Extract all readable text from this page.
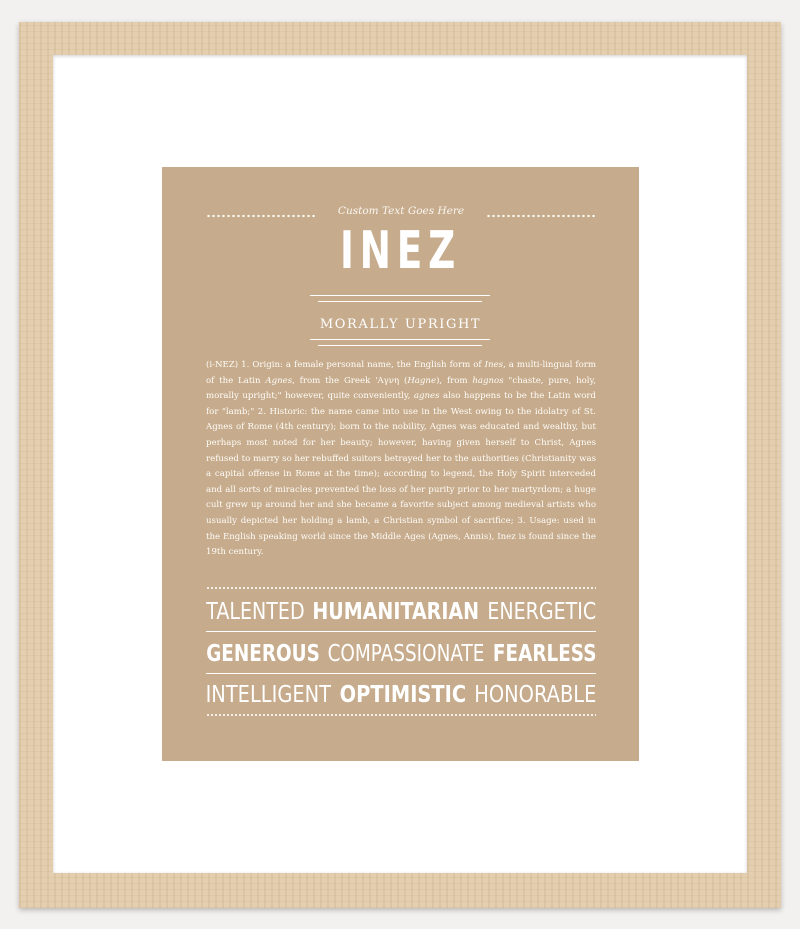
Custom Text Goes Here
INEZ
MORALLY UPRIGHT
(i-NEZ) 1. Origin: a female personal name, the English form of Ines, a multi-lingual form of the Latin Agnes, from the Greek 'Αγνη (Hagne), from hagnos "chaste, pure, holy, morally upright;" however, quite conveniently, agnes also happens to be the Latin word for "lamb;" 2. Historic: the name came into use in the West owing to the idolatry of St. Agnes of Rome (4th century); born to the nobility, Agnes was educated and wealthy, but perhaps most noted for her beauty; however, having given herself to Christ, Agnes refused to marry so her rebuffed suitors betrayed her to the authorities (Christianity was a capital offense in Rome at the time); according to legend, the Holy Spirit interceded and all sorts of miracles prevented the loss of her purity prior to her martyrdom; a huge cult grew up around her and she became a favorite subject among medieval artists who usually depicted her holding a lamb, a Christian symbol of sacrifice; 3. Usage: used in the English speaking world since the Middle Ages (Agnes, Annis), Inez is found since the 19th century.
TALENTED HUMANITARIAN ENERGETIC
GENEROUS COMPASSIONATE FEARLESS
INTELLIGENT OPTIMISTIC HONORABLE
